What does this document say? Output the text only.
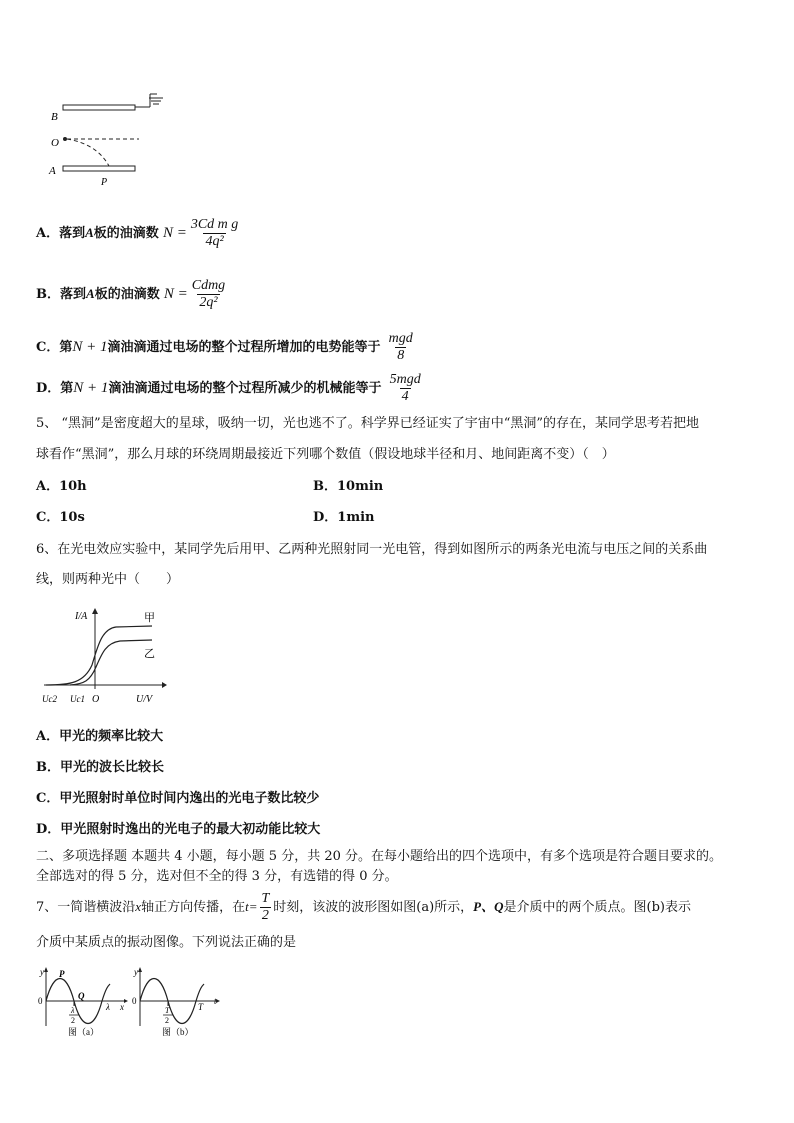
B
O
A
P
A．落到A板的油滴数 $N = \frac{\text{3Cd m g}}{\text{4q²}}$
B．落到A板的油滴数 $N = \frac{\text{Cdmg}}{\text{2q²}}$
C．第N + 1滴油滴通过电场的整个过程所增加的电势能等于 $\frac{\text{mgd}}{8}$
D．第N + 1滴油滴通过电场的整个过程所减少的机械能等于 $\frac{\text{5mgd}}{4}$
5、 “黑洞”是密度超大的星球，吸纳一切，光也逃不了。科学界已经证实了宇宙中“黑洞”的存在，某同学思考若把地
球看作“黑洞”，那么月球的环绕周期最接近下列哪个数值（假设地球半径和月、地间距离不变）（　）
A．10h	B．10min
C．10s	D．1min
6、在光电效应实验中，某同学先后用甲、乙两种光照射同一光电管，得到如图所示的两条光电流与电压之间的关系曲
线，则两种光中（　　）
I/A
U/V
甲
乙
Uc2 Uc1 O
A．甲光的频率比较大
B．甲光的波长比较长
C．甲光照射时单位时间内逸出的光电子数比较少
D．甲光照射时逸出的光电子的最大初动能比较大
二、多项选择题 本题共 4 小题，每小题 5 分，共 20 分。在每小题给出的四个选项中，有多个选项是符合题目要求的。
全部选对的得 5 分，选对但不全的得 3 分，有选错的得 0 分。
7、一简谐横波沿x轴正方向传播，在$t= \frac{T}{2}$ 时刻，该波的波形图如图(a)所示，P、Q是介质中的两个质点。图(b)表示
介质中某质点的振动图像。下列说法正确的是
y P
Q
0
x
λ
λ
2
图（a）
y
0	t
T
T
2
图（b）
